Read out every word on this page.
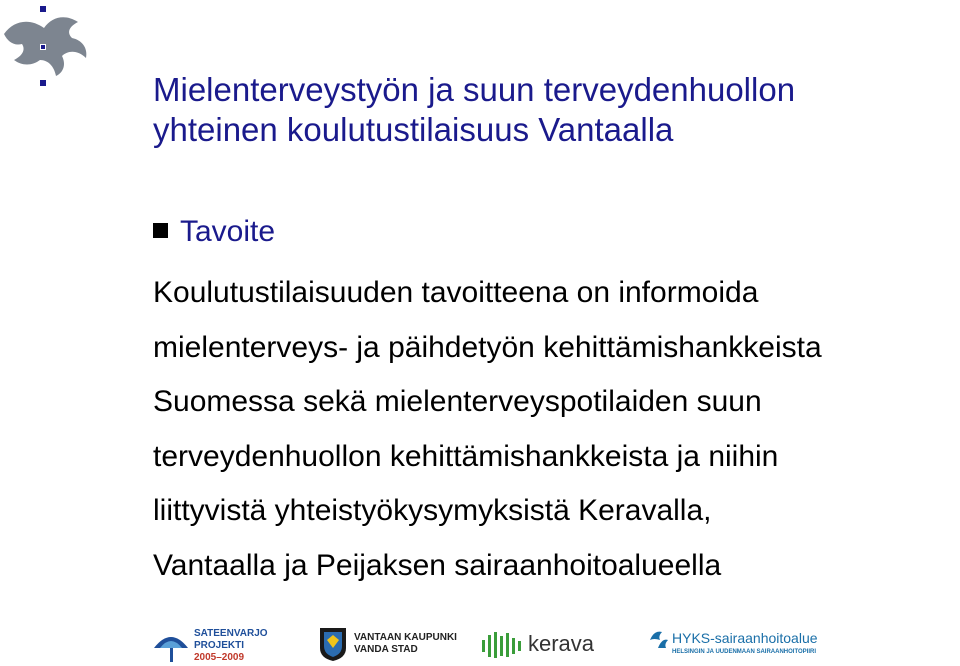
Mielenterveystyön ja suun terveydenhuollon
yhteinen koulutustilaisuus Vantaalla
Tavoite
Koulutustilaisuuden tavoitteena on informoida
mielenterveys- ja päihdetyön kehittämishankkeista
Suomessa sekä mielenterveyspotilaiden suun
terveydenhuollon kehittämishankkeista ja niihin
liittyvistä yhteistyökysymyksistä Keravalla,
Vantaalla ja Peijaksen sairaanhoitoalueella
SATEENVARJO
PROJEKTI
2005–2009
VANTAAN KAUPUNKI
VANDA STAD	kerava	HYKS-sairaanhoitoalue
HELSINGIN JA UUDENMAAN SAIRAANHOITOPIIRI
